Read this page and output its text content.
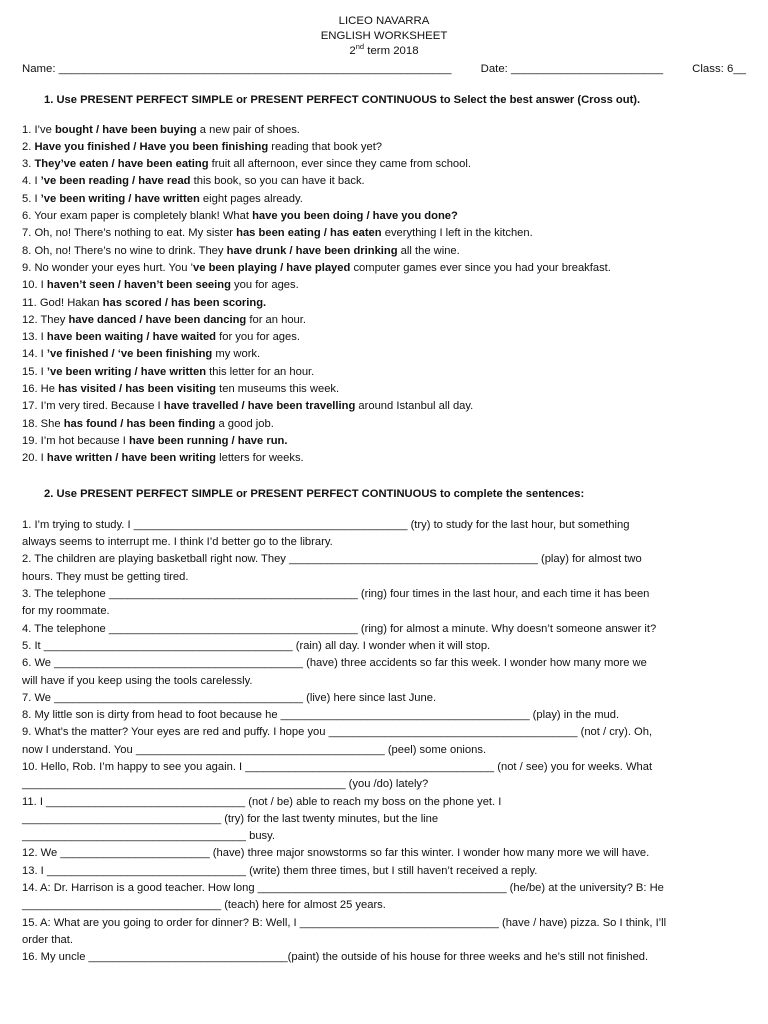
LICEO NAVARRA
ENGLISH WORKSHEET
2nd term 2018
Name: ______________________________________________________________	Date: ________________________	Class: 6__
1. Use PRESENT PERFECT SIMPLE or PRESENT PERFECT CONTINUOUS to Select the best answer (Cross out).
1. I’ve bought / have been buying a new pair of shoes.
2. Have you finished / Have you been finishing reading that book yet?
3. They’ve eaten / have been eating fruit all afternoon, ever since they came from school.
4. I ’ve been reading / have read this book, so you can have it back.
5. I ’ve been writing / have written eight pages already.
6. Your exam paper is completely blank! What have you been doing / have you done?
7. Oh, no! There’s nothing to eat. My sister has been eating / has eaten everything I left in the kitchen.
8. Oh, no! There’s no wine to drink. They have drunk / have been drinking all the wine.
9. No wonder your eyes hurt. You ’ve been playing / have played computer games ever since you had your breakfast.
10. I haven’t seen / haven’t been seeing you for ages.
11. God! Hakan has scored / has been scoring.
12. They have danced / have been dancing for an hour.
13. I have been waiting / have waited for you for ages.
14. I ’ve finished / ‘ve been finishing my work.
15. I ’ve been writing / have written this letter for an hour.
16. He has visited / has been visiting ten museums this week.
17. I’m very tired. Because I have travelled / have been travelling around Istanbul all day.
18. She has found / has been finding a good job.
19. I’m hot because I have been running / have run.
20. I have written / have been writing letters for weeks.
2. Use PRESENT PERFECT SIMPLE or PRESENT PERFECT CONTINUOUS to complete the sentences:
1. I’m trying to study. I ____________________________________________ (try) to study for the last hour, but something
always seems to interrupt me. I think I’d better go to the library.
2. The children are playing basketball right now. They ________________________________________ (play) for almost two
hours. They must be getting tired.
3. The telephone ________________________________________ (ring) four times in the last hour, and each time it has been
for my roommate.
4. The telephone ________________________________________ (ring) for almost a minute. Why doesn’t someone answer it?
5. It ________________________________________ (rain) all day. I wonder when it will stop.
6. We ________________________________________ (have) three accidents so far this week. I wonder how many more we
will have if you keep using the tools carelessly.
7. We ________________________________________ (live) here since last June.
8. My little son is dirty from head to foot because he ________________________________________ (play) in the mud.
9. What’s the matter? Your eyes are red and puffy. I hope you ________________________________________ (not / cry). Oh,
now I understand. You ________________________________________ (peel) some onions.
10. Hello, Rob. I’m happy to see you again. I ________________________________________ (not / see) you for weeks. What
____________________________________________________ (you /do) lately?
11. I ________________________________ (not / be) able to reach my boss on the phone yet. I
________________________________ (try) for the last twenty minutes, but the line
____________________________________ busy.
12. We ________________________ (have) three major snowstorms so far this winter. I wonder how many more we will have.
13. I ________________________________ (write) them three times, but I still haven’t received a reply.
14. A: Dr. Harrison is a good teacher. How long ________________________________________ (he/be) at the university? B: He
________________________________ (teach) here for almost 25 years.
15. A: What are you going to order for dinner? B: Well, I ________________________________ (have / have) pizza. So I think, I’ll
order that.
16. My uncle ________________________________(paint) the outside of his house for three weeks and he’s still not finished.
